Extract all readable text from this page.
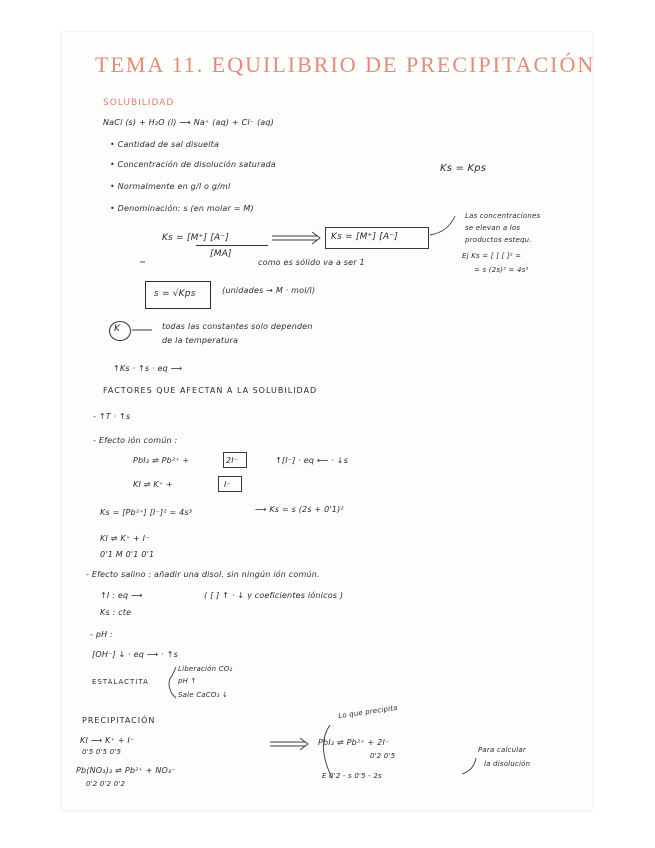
TEMA 11. EQUILIBRIO DE PRECIPITACIÓN
SOLUBILIDAD
NaCl (s) + H₂O (l) ⟶ Na⁺ (aq) + Cl⁻ (aq)
• Cantidad de sal disuelta
• Concentración de disolución saturada
• Normalmente en g/l o g/ml
• Denominación: s (en molar = M)
Ks = Kps
Ks = [M⁺] [A⁻]
[MA]
Ks = [M⁺] [A⁻]
como es sólido va a ser 1
Las concentraciones
se elevan a los
productos estequ.
Ej Ks = [ ] [ ]² =
= s (2s)² = 4s³
s = √Kps	(unidades → M · mol/l)
K	todas las constantes solo dependen
de la temperatura
↑Ks · ↑s · eq ⟶
FACTORES QUE AFECTAN A LA SOLUBILIDAD
- ↑T · ↑s
- Efecto ión común :
PbI₂ ⇌ Pb²⁺ +	2I⁻	↑[I⁻] · eq ⟵ · ↓s
KI ⇌ K⁺ +	I⁻
Ks = [Pb²⁺] [I⁻]² = 4s³	⟶ Ks = s (2s + 0'1)²
KI ⇌ K⁺ + I⁻
0'1 M 0'1 0'1
- Efecto salino : añadir una disol. sin ningún ión común.
↑I : eq ⟶	( [ ] ↑ · ↓ γ coeficientes iónicos )
Ks : cte
- pH :
[OH⁻] ↓ · eq ⟶ · ↑s
ESTALACTITA
Liberación CO₂
pH ↑
Sale CaCO₃ ↓
PRECIPITACIÓN
KI ⟶ K⁺ + I⁻
0'5 0'5 0'5
Pb(NO₃)₂ ⇌ Pb²⁺ + NO₃⁻
0'2 0'2 0'2
Lo que precipita
PbI₂ ⇌ Pb²⁺ + 2I⁻
0'2 0'5
E 0'2 - s 0'5 - 2s
Para calcular
la disolución
